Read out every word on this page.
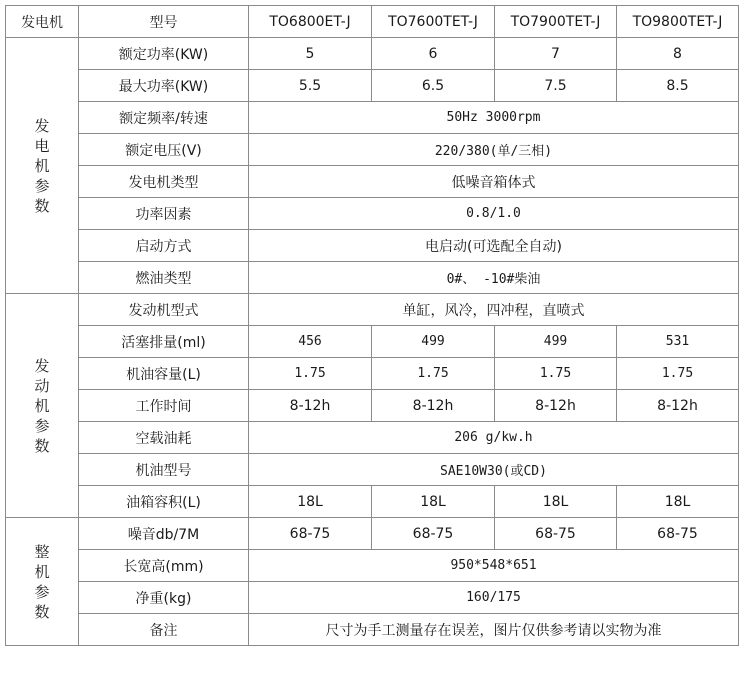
发电机	型号	TO6800ET-J	TO7600TET-J	TO7900TET-J	TO9800TET-J

发电机参数	额定功率(KW)	5	6	7	8
	最大功率(KW)	5.5	6.5	7.5	8.5
	额定频率/转速	50Hz 3000rpm			
	额定电压(V)	220/380(单/三相)			
	发电机类型	低噪音箱体式			
	功率因素	0.8/1.0			
	启动方式	电启动(可选配全自动)			
	燃油类型	0#、 -10#柴油			

发动机参数	发动机型式	单缸，风冷，四冲程，直喷式			
	活塞排量(ml)	456	499	499	531
	机油容量(L)	1.75	1.75	1.75	1.75
	工作时间	8-12h	8-12h	8-12h	8-12h
	空载油耗	206 g/kw.h			
	机油型号	SAE10W30(或CD)			
	油箱容积(L)	18L	18L	18L	18L

整机参数	噪音db/7M	68-75	68-75	68-75	68-75
	长宽高(mm)	950*548*651			
	净重(kg)	160/175			
	备注	尺寸为手工测量存在误差，图片仅供参考请以实物为准			
